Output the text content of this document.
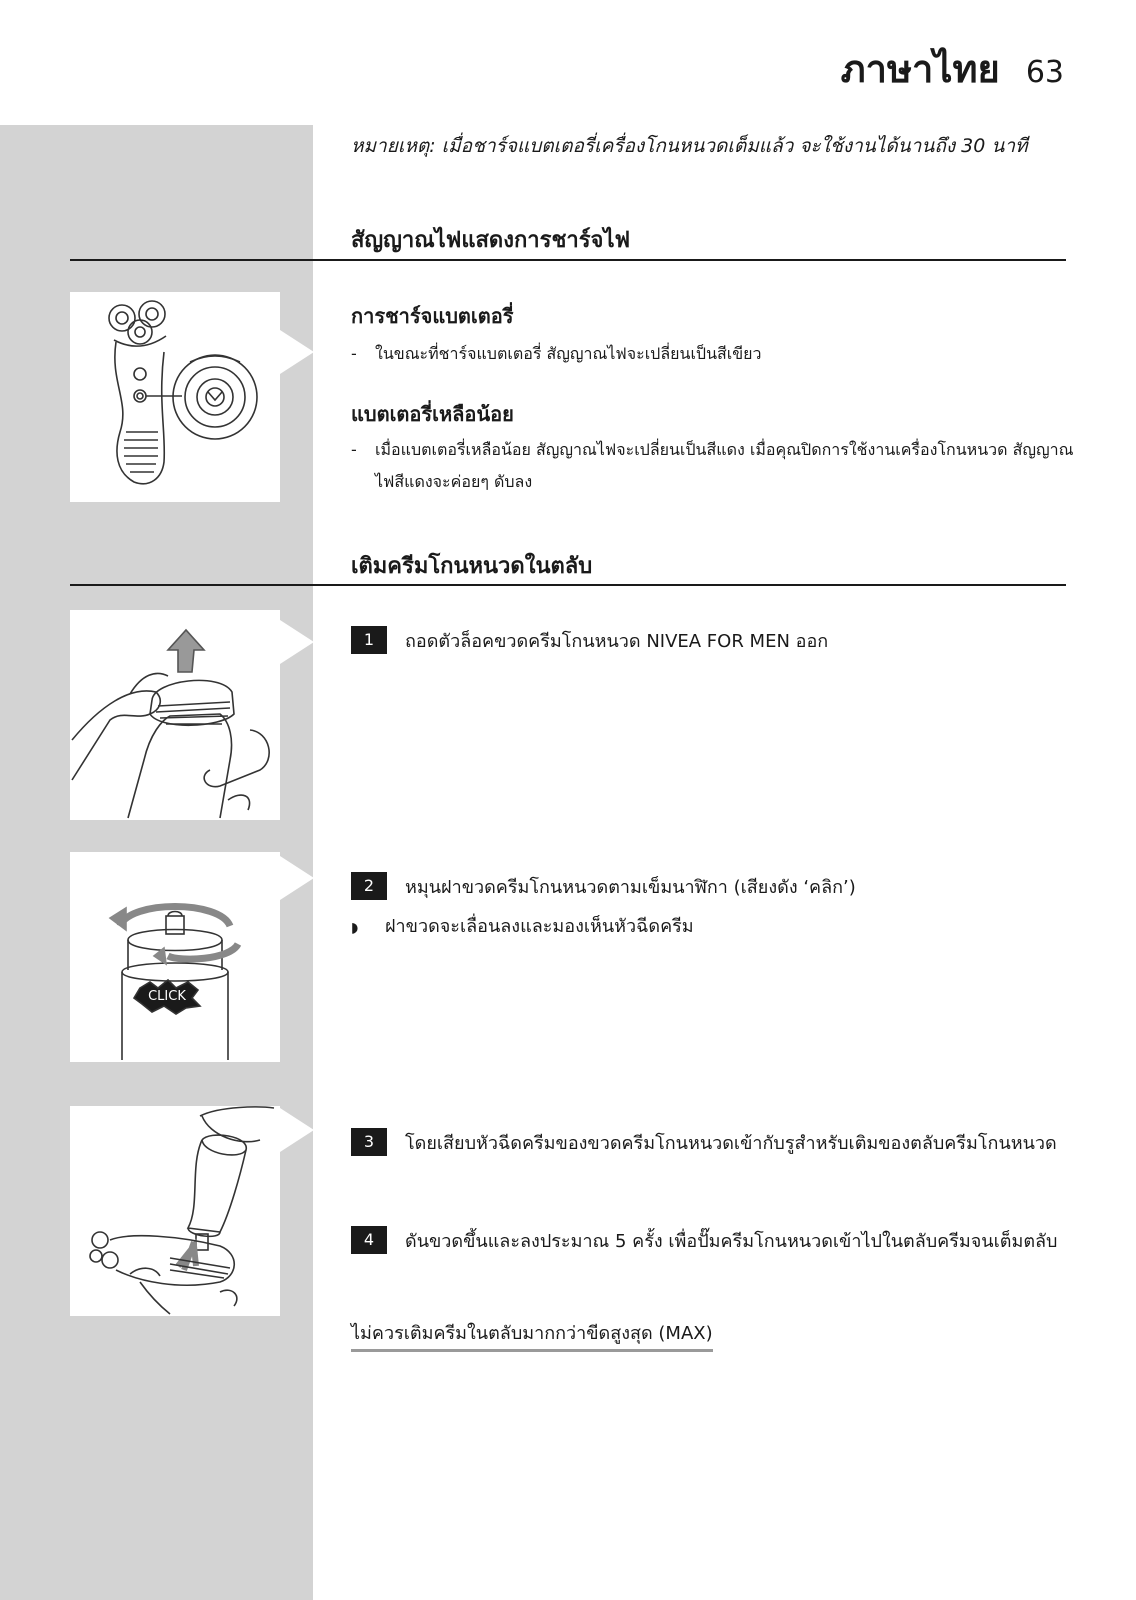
ภาษาไทย 63
หมายเหตุ: เมื่อชาร์จแบตเตอรี่เครื่องโกนหนวดเต็มแล้ว จะใช้งานได้นานถึง 30 นาที
สัญญาณไฟแสดงการชาร์จไฟ
การชาร์จแบตเตอรี่
- ในขณะที่ชาร์จแบตเตอรี่ สัญญาณไฟจะเปลี่ยนเป็นสีเขียว
แบตเตอรี่เหลือน้อย
- เมื่อแบตเตอรี่เหลือน้อย สัญญาณไฟจะเปลี่ยนเป็นสีแดง เมื่อคุณปิดการใช้งานเครื่องโกนหนวด สัญญาณไฟสีแดงจะค่อยๆ ดับลง
เติมครีมโกนหนวดในตลับ
1 ถอดตัวล็อคขวดครีมโกนหนวด NIVEA FOR MEN ออก
CLICK
2 หมุนฝาขวดครีมโกนหนวดตามเข็มนาฬิกา (เสียงดัง ‘คลิก’)
◗ ฝาขวดจะเลื่อนลงและมองเห็นหัวฉีดครีม
3 โดยเสียบหัวฉีดครีมของขวดครีมโกนหนวดเข้ากับรูสำหรับเติมของตลับครีมโกนหนวด
4 ดันขวดขึ้นและลงประมาณ 5 ครั้ง เพื่อปั๊มครีมโกนหนวดเข้าไปในตลับครีมจนเต็มตลับ
ไม่ควรเติมครีมในตลับมากกว่าขีดสูงสุด (MAX)
